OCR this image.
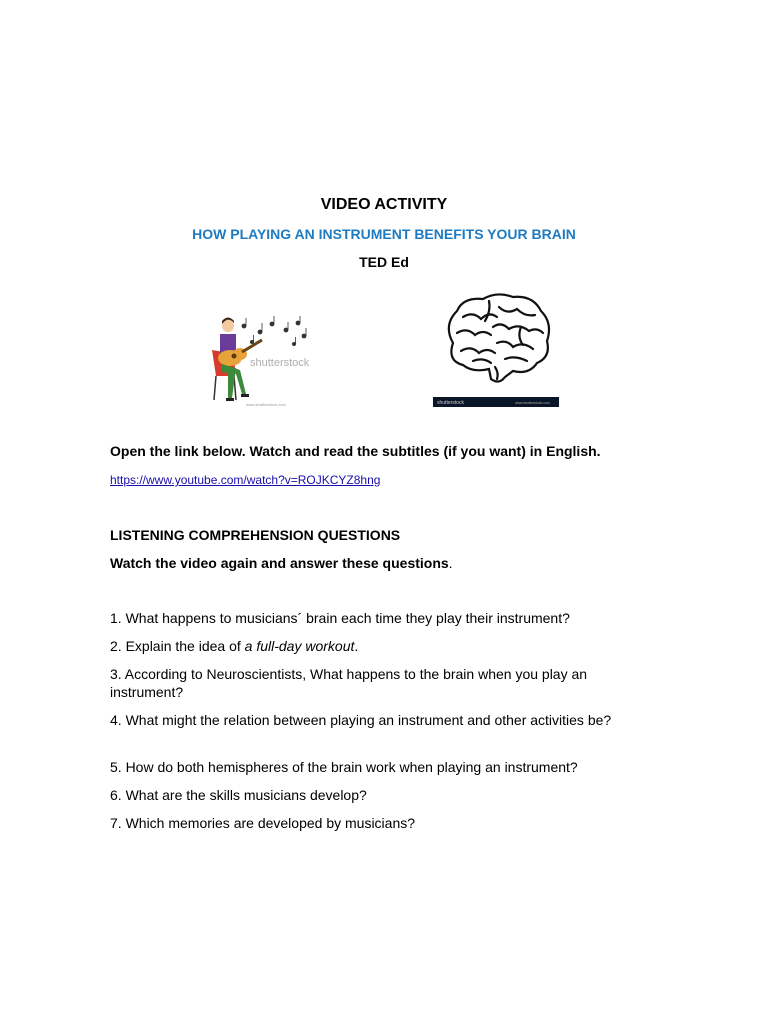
VIDEO ACTIVITY
HOW PLAYING AN INSTRUMENT BENEFITS YOUR BRAIN
TED Ed
shutterstock
www.shutterstock.com	shutterstock	www.shutterstock.com
Open the link below. Watch and read the subtitles (if you want) in English.
https://www.youtube.com/watch?v=ROJKCYZ8hng
LISTENING COMPREHENSION QUESTIONS
Watch the video again and answer these questions.
1. What happens to musicians´ brain each time they play their instrument?
2. Explain the idea of a full-day workout.
3. According to Neuroscientists, What happens to the brain when you play an instrument?
4. What might the relation between playing an instrument and other activities be?
5. How do both hemispheres of the brain work when playing an instrument?
6. What are the skills musicians develop?
7. Which memories are developed by musicians?
